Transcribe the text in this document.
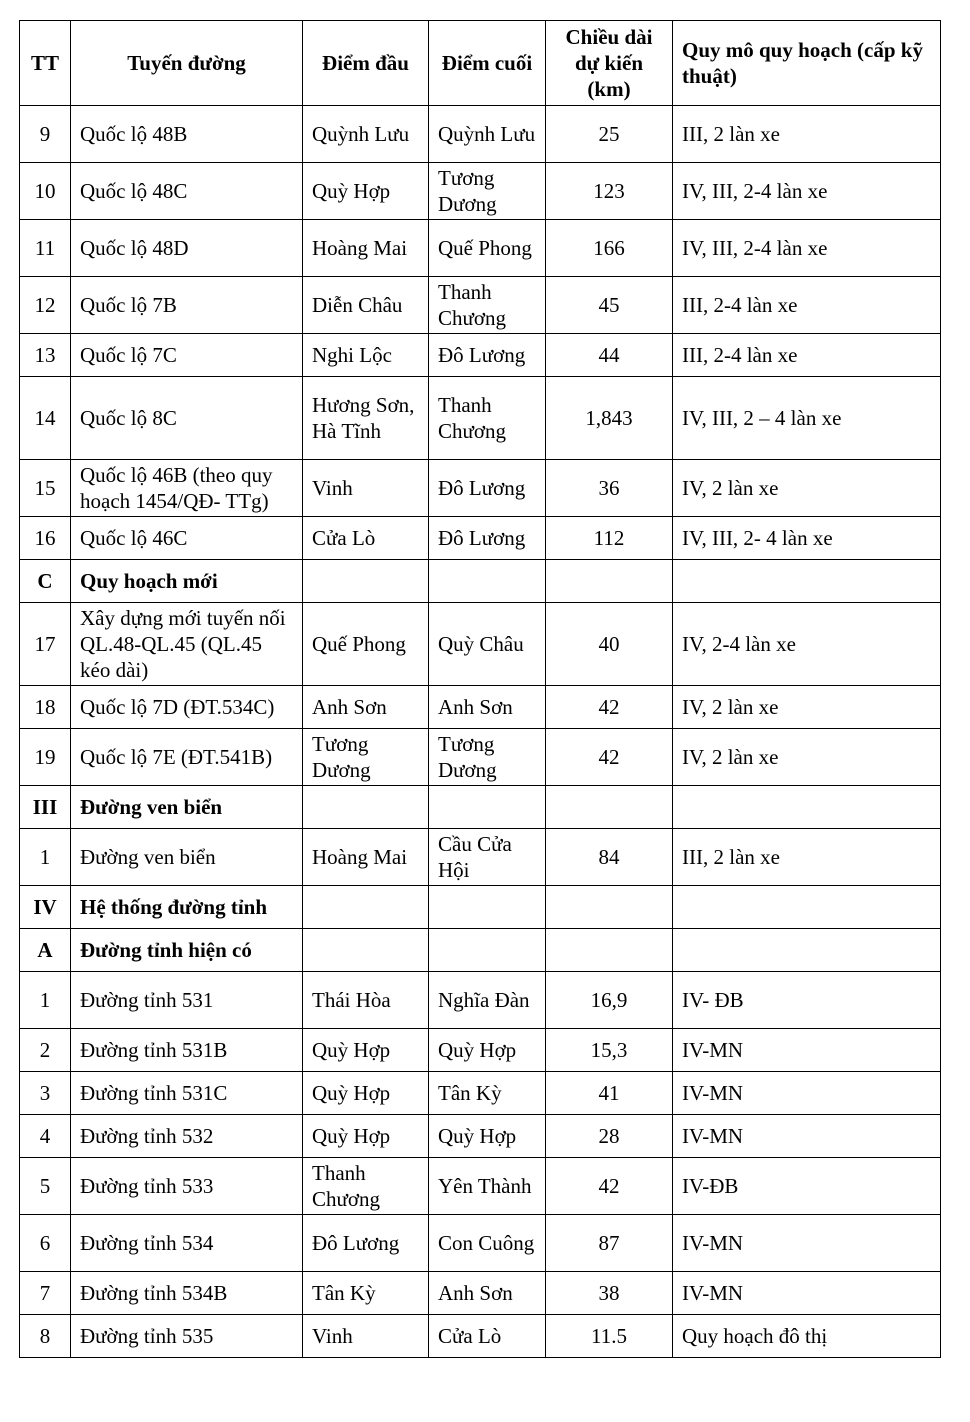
TT	Tuyến đường	Điểm đầu	Điểm cuối	Chiều dài dự kiến (km)	Quy mô quy hoạch (cấp kỹ thuật)
9	Quốc lộ 48B	Quỳnh Lưu	Quỳnh Lưu	25	III, 2 làn xe
10	Quốc lộ 48C	Quỳ Hợp	Tương Dương	123	IV, III, 2-4 làn xe
11	Quốc lộ 48D	Hoàng Mai	Quế Phong	166	IV, III, 2-4 làn xe
12	Quốc lộ 7B	Diễn Châu	Thanh Chương	45	III, 2-4 làn xe
13	Quốc lộ 7C	Nghi Lộc	Đô Lương	44	III, 2-4 làn xe
14	Quốc lộ 8C	Hương Sơn, Hà Tĩnh	Thanh Chương	1,843	IV, III, 2 – 4 làn xe
15	Quốc lộ 46B (theo quy hoạch 1454/QĐ- TTg)	Vinh	Đô Lương	36	IV, 2 làn xe
16	Quốc lộ 46C	Cửa Lò	Đô Lương	112	IV, III, 2- 4 làn xe
C	Quy hoạch mới				
17	Xây dựng mới tuyến nối QL.48-QL.45 (QL.45 kéo dài)	Quế Phong	Quỳ Châu	40	IV, 2-4 làn xe
18	Quốc lộ 7D (ĐT.534C)	Anh Sơn	Anh Sơn	42	IV, 2 làn xe
19	Quốc lộ 7E (ĐT.541B)	Tương Dương	Tương Dương	42	IV, 2 làn xe
III	Đường ven biển				
1	Đường ven biển	Hoàng Mai	Cầu Cửa Hội	84	III, 2 làn xe
IV	Hệ thống đường tỉnh				
A	Đường tỉnh hiện có				
1	Đường tỉnh 531	Thái Hòa	Nghĩa Đàn	16,9	IV- ĐB
2	Đường tỉnh 531B	Quỳ Hợp	Quỳ Hợp	15,3	IV-MN
3	Đường tỉnh 531C	Quỳ Hợp	Tân Kỳ	41	IV-MN
4	Đường tỉnh 532	Quỳ Hợp	Quỳ Hợp	28	IV-MN
5	Đường tỉnh 533	Thanh Chương	Yên Thành	42	IV-ĐB
6	Đường tỉnh 534	Đô Lương	Con Cuông	87	IV-MN
7	Đường tỉnh 534B	Tân Kỳ	Anh Sơn	38	IV-MN
8	Đường tỉnh 535	Vinh	Cửa Lò	11.5	Quy hoạch đô thị
